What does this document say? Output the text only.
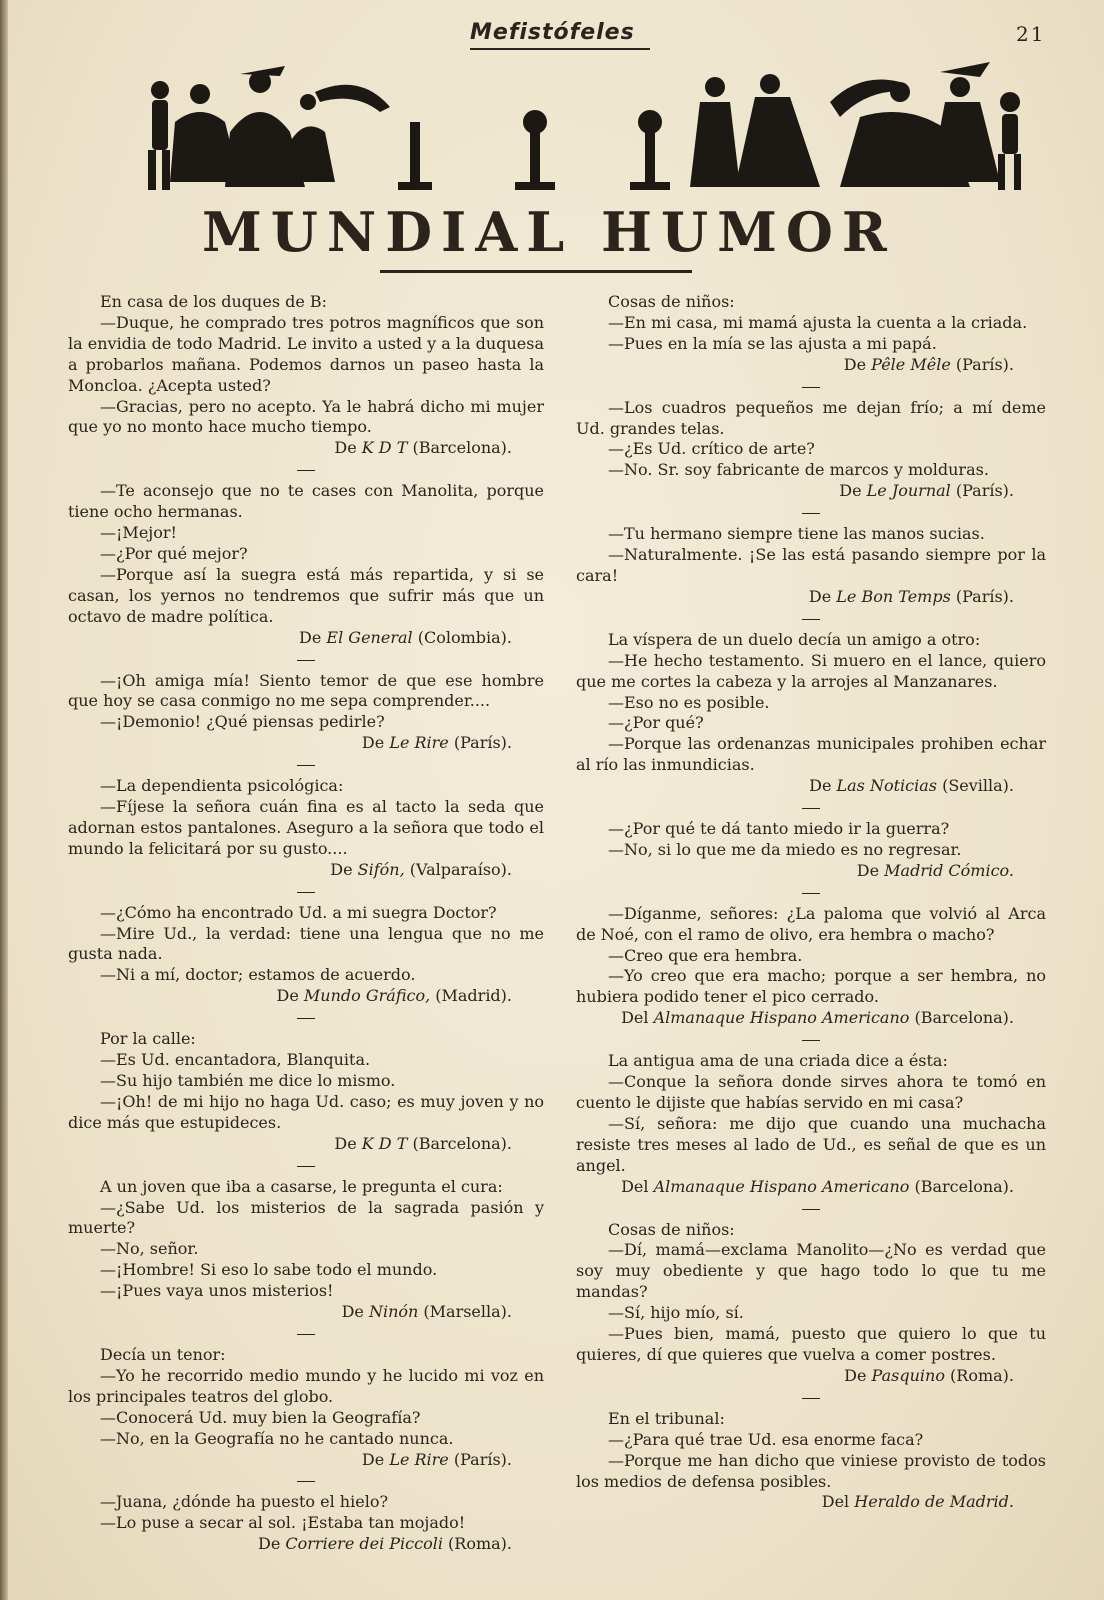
Mefistófeles	21
MUNDIAL HUMOR

En casa de los duques de B:

—Duque, he comprado tres potros magníficos que son la envidia de todo Madrid. Le invito a usted y a la duquesa a probarlos mañana. Podemos darnos un paseo hasta la Moncloa. ¿Acepta usted?

—Gracias, pero no acepto. Ya le habrá dicho mi mujer que yo no monto hace mucho tiempo.

De K D T (Barcelona).

—Te aconsejo que no te cases con Manolita, porque tiene ocho hermanas.

—¡Mejor!

—¿Por qué mejor?

—Porque así la suegra está más repartida, y si se casan, los yernos no tendremos que sufrir más que un octavo de madre política.

De El General (Colombia).

—¡Oh amiga mía! Siento temor de que ese hombre que hoy se casa conmigo no me sepa comprender....

—¡Demonio! ¿Qué piensas pedirle?

De Le Rire (París).

—La dependienta psicológica:

—Fíjese la señora cuán fina es al tacto la seda que adornan estos pantalones. Aseguro a la señora que todo el mundo la felicitará por su gusto....

De Sifón, (Valparaíso).

—¿Cómo ha encontrado Ud. a mi suegra Doctor?

—Mire Ud., la verdad: tiene una lengua que no me gusta nada.

—Ni a mí, doctor; estamos de acuerdo.

De Mundo Gráfico, (Madrid).

Por la calle:

—Es Ud. encantadora, Blanquita.

—Su hijo también me dice lo mismo.

—¡Oh! de mi hijo no haga Ud. caso; es muy joven y no dice más que estupideces.

De K D T (Barcelona).

A un joven que iba a casarse, le pregunta el cura:

—¿Sabe Ud. los misterios de la sagrada pasión y muerte?

—No, señor.

—¡Hombre! Si eso lo sabe todo el mundo.

—¡Pues vaya unos misterios!

De Ninón (Marsella).

Decía un tenor:

—Yo he recorrido medio mundo y he lucido mi voz en los principales teatros del globo.

—Conocerá Ud. muy bien la Geografía?

—No, en la Geografía no he cantado nunca.

De Le Rire (París).

—Juana, ¿dónde ha puesto el hielo?

—Lo puse a secar al sol. ¡Estaba tan mojado!

De Corriere dei Piccoli (Roma).

Cosas de niños:

—En mi casa, mi mamá ajusta la cuenta a la criada.

—Pues en la mía se las ajusta a mi papá.

De Pêle Mêle (París).

—Los cuadros pequeños me dejan frío; a mí deme Ud. grandes telas.

—¿Es Ud. crítico de arte?

—No. Sr. soy fabricante de marcos y molduras.

De Le Journal (París).

—Tu hermano siempre tiene las manos sucias.

—Naturalmente. ¡Se las está pasando siempre por la cara!

De Le Bon Temps (París).

La víspera de un duelo decía un amigo a otro:

—He hecho testamento. Si muero en el lance, quiero que me cortes la cabeza y la arrojes al Manzanares.

—Eso no es posible.

—¿Por qué?

—Porque las ordenanzas municipales prohiben echar al río las inmundicias.

De Las Noticias (Sevilla).

—¿Por qué te dá tanto miedo ir la guerra?

—No, si lo que me da miedo es no regresar.

De Madrid Cómico.

—Díganme, señores: ¿La paloma que volvió al Arca de Noé, con el ramo de olivo, era hembra o macho?

—Creo que era hembra.

—Yo creo que era macho; porque a ser hembra, no hubiera podido tener el pico cerrado.

Del Almanaque Hispano Americano (Barcelona).

La antigua ama de una criada dice a ésta:

—Conque la señora donde sirves ahora te tomó en cuento le dijiste que habías servido en mi casa?

—Sí, señora: me dijo que cuando una muchacha resiste tres meses al lado de Ud., es señal de que es un angel.

Del Almanaque Hispano Americano (Barcelona).

Cosas de niños:

—Dí, mamá—exclama Manolito—¿No es verdad que soy muy obediente y que hago todo lo que tu me mandas?

—Sí, hijo mío, sí.

—Pues bien, mamá, puesto que quiero lo que tu quieres, dí que quieres que vuelva a comer postres.

De Pasquino (Roma).

En el tribunal:

—¿Para qué trae Ud. esa enorme faca?

—Porque me han dicho que viniese provisto de todos los medios de defensa posibles.

Del Heraldo de Madrid.
